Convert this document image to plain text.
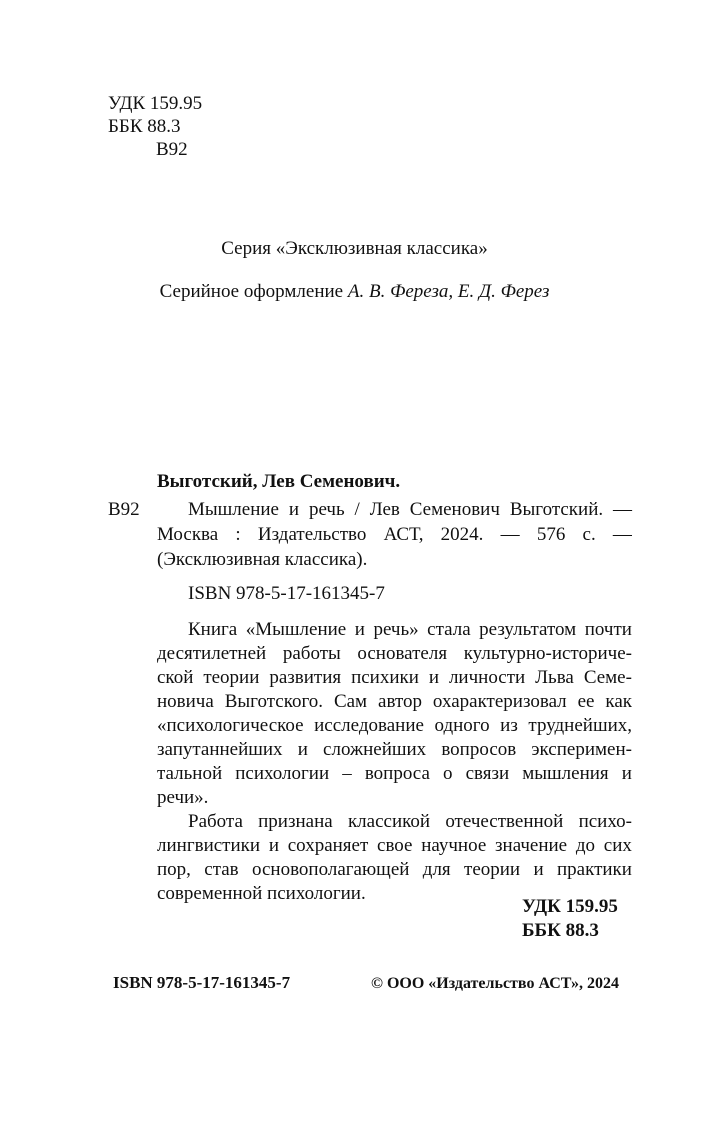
УДК 159.95
ББК 88.3
В92
Серия «Эксклюзивная классика»
Серийное оформление А. В. Фереза, Е. Д. Ферез
Выготский, Лев Семенович.
В92	Мышление и речь / Лев Семенович Выготский. —
Москва : Издательство АСТ, 2024. — 576 с. —
(Эксклюзивная классика).
ISBN 978-5-17-161345-7
Книга «Мышление и речь» стала результатом почти
десятилетней работы основателя культурно-историче-
ской теории развития психики и личности Льва Семе-
новича Выготского. Сам автор охарактеризовал ее как
«психологическое исследование одного из труднейших,
запутаннейших и сложнейших вопросов эксперимен-
тальной психологии – вопроса о связи мышления и
речи».
Работа признана классикой отечественной психо-
лингвистики и сохраняет свое научное значение до сих
пор, став основополагающей для теории и практики
современной психологии.
УДК 159.95
ББК 88.3
ISBN 978-5-17-161345-7	© ООО «Издательство АСТ», 2024
